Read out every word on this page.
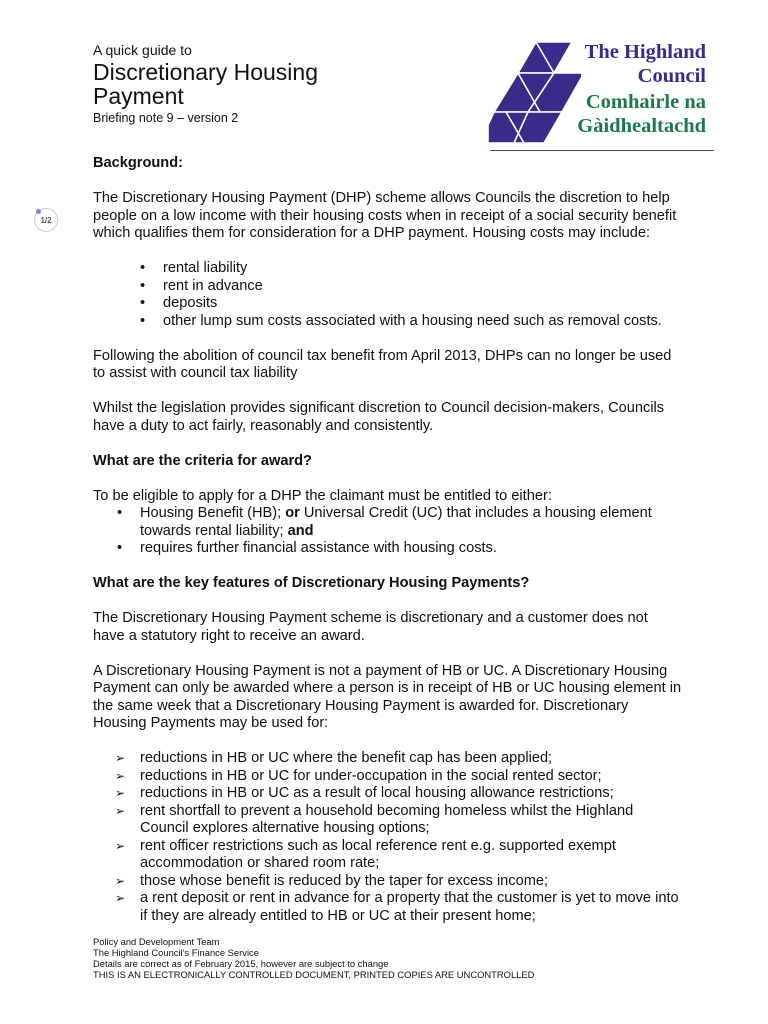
A quick guide to
Discretionary Housing
Payment
Briefing note 9 – version 2
The Highland
Council
Comhairle na
Gàidhealtachd
1/2

Background:

The Discretionary Housing Payment (DHP) scheme allows Councils the discretion to help people on a low income with their housing costs when in receipt of a social security benefit which qualifies them for consideration for a DHP payment. Housing costs may include:

• rental liability
• rent in advance
• deposits
• other lump sum costs associated with a housing need such as removal costs.

Following the abolition of council tax benefit from April 2013, DHPs can no longer be used to assist with council tax liability

Whilst the legislation provides significant discretion to Council decision-makers, Councils have a duty to act fairly, reasonably and consistently.

What are the criteria for award?

To be eligible to apply for a DHP the claimant must be entitled to either:

• Housing Benefit (HB); or Universal Credit (UC) that includes a housing element towards rental liability; and
• requires further financial assistance with housing costs.

What are the key features of Discretionary Housing Payments?

The Discretionary Housing Payment scheme is discretionary and a customer does not have a statutory right to receive an award.

A Discretionary Housing Payment is not a payment of HB or UC. A Discretionary Housing Payment can only be awarded where a person is in receipt of HB or UC housing element in the same week that a Discretionary Housing Payment is awarded for. Discretionary Housing Payments may be used for:

➢ reductions in HB or UC where the benefit cap has been applied;
➢ reductions in HB or UC for under-occupation in the social rented sector;
➢ reductions in HB or UC as a result of local housing allowance restrictions;
➢ rent shortfall to prevent a household becoming homeless whilst the Highland Council explores alternative housing options;
➢ rent officer restrictions such as local reference rent e.g. supported exempt accommodation or shared room rate;
➢ those whose benefit is reduced by the taper for excess income;
➢ a rent deposit or rent in advance for a property that the customer is yet to move into if they are already entitled to HB or UC at their present home;
Policy and Development Team
The Highland Council's Finance Service
Details are correct as of February 2015, however are subject to change
THIS IS AN ELECTRONICALLY CONTROLLED DOCUMENT, PRINTED COPIES ARE UNCONTROLLED
